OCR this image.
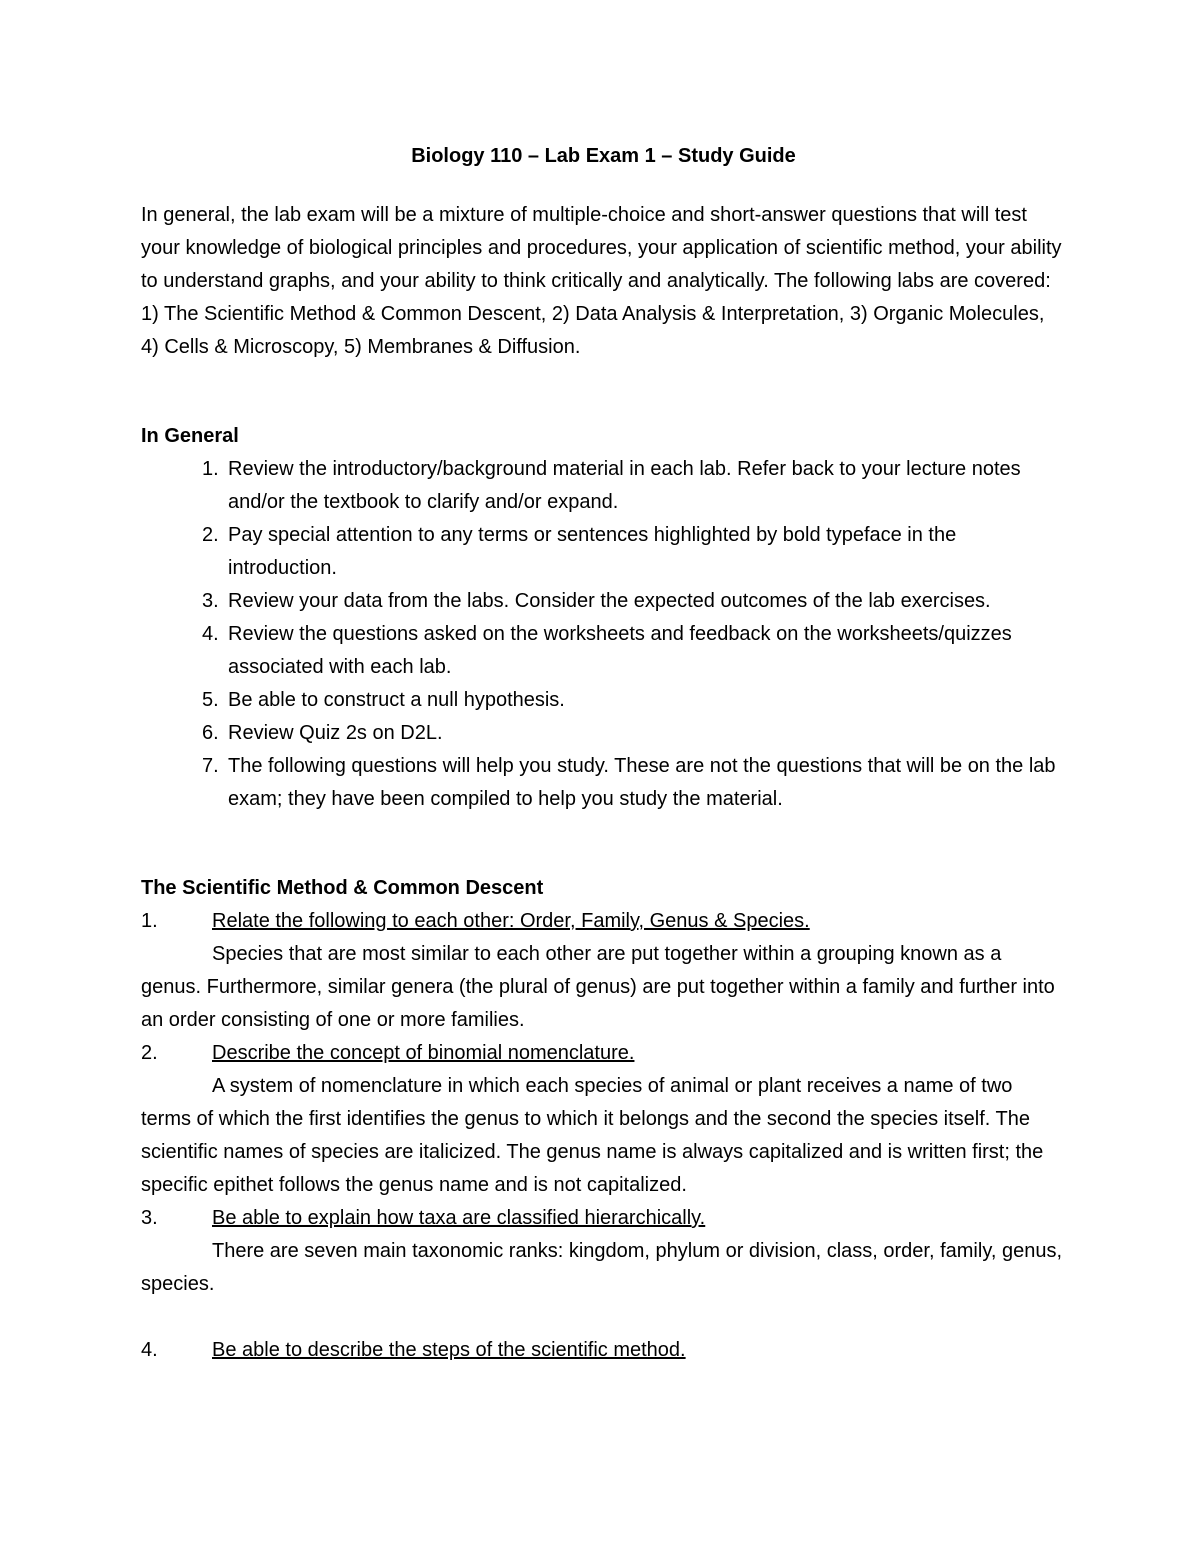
Biology 110 – Lab Exam 1 – Study Guide

In general, the lab exam will be a mixture of multiple-choice and short-answer questions that will test your knowledge of biological principles and procedures, your application of scientific method, your ability to understand graphs, and your ability to think critically and analytically. The following labs are covered: 1) The Scientific Method & Common Descent, 2) Data Analysis & Interpretation, 3) Organic Molecules, 4) Cells & Microscopy, 5) Membranes & Diffusion.

In General

1. Review the introductory/background material in each lab. Refer back to your lecture notes and/or the textbook to clarify and/or expand.
2. Pay special attention to any terms or sentences highlighted by bold typeface in the introduction.
3. Review your data from the labs. Consider the expected outcomes of the lab exercises.
4. Review the questions asked on the worksheets and feedback on the worksheets/quizzes associated with each lab.
5. Be able to construct a null hypothesis.
6. Review Quiz 2s on D2L.
7. The following questions will help you study. These are not the questions that will be on the lab exam; they have been compiled to help you study the material.

The Scientific Method & Common Descent

1.	Relate the following to each other: Order, Family, Genus & Species.

Species that are most similar to each other are put together within a grouping known as a genus. Furthermore, similar genera (the plural of genus) are put together within a family and further into an order consisting of one or more families.

2.	Describe the concept of binomial nomenclature.

A system of nomenclature in which each species of animal or plant receives a name of two terms of which the first identifies the genus to which it belongs and the second the species itself. The scientific names of species are italicized. The genus name is always capitalized and is written first; the specific epithet follows the genus name and is not capitalized.

3.	Be able to explain how taxa are classified hierarchically.

There are seven main taxonomic ranks: kingdom, phylum or division, class, order, family, genus, species.

4.	Be able to describe the steps of the scientific method.
